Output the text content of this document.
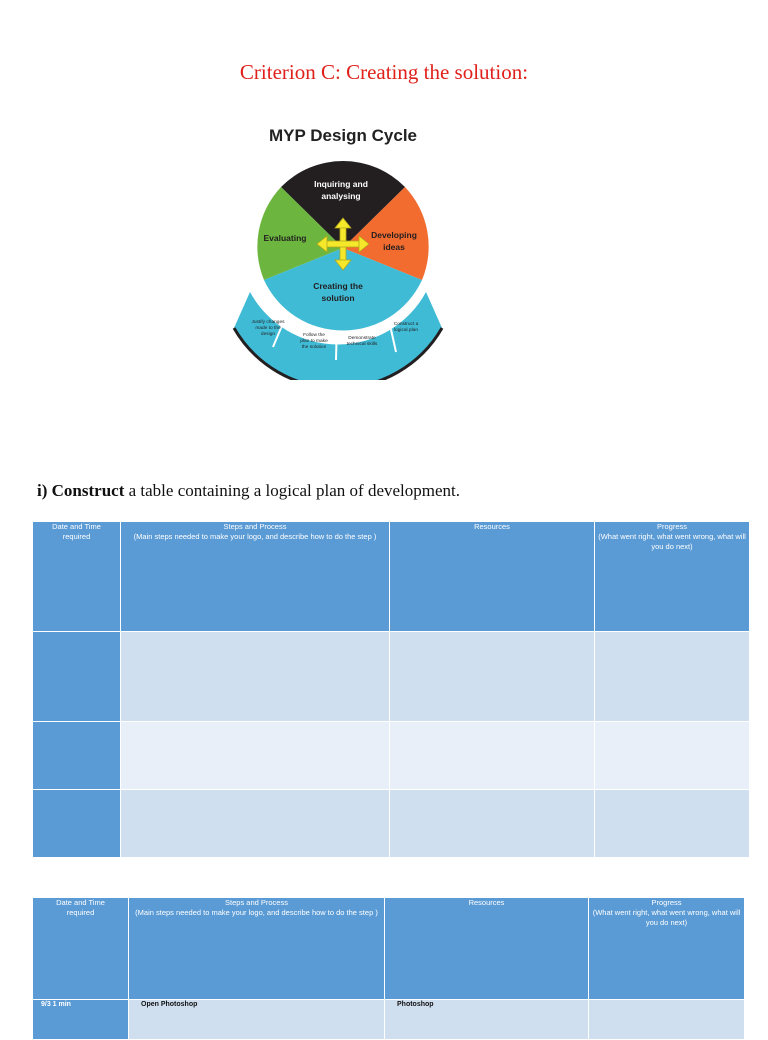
Criterion C: Creating the solution:
MYP Design Cycle
Inquiring and
analysing
Developing
ideas
Evaluating
Creating the
solution
Justify changes
made to the
design	Follow the
plan to make
the solution
Demonstrate
technical skills
Construct a
logical plan
i) Construct a table containing a logical plan of development.
Date and Time
required	Steps and Process
(Main steps needed to make your logo, and describe how to do the step )	Resources	Progress
(What went right, what went wrong, what will you do next)

Date and Time
required	Steps and Process
(Main steps needed to make your logo, and describe how to do the step )	Resources	Progress
(What went right, what went wrong, what will you do next)

9/3 1 min	Open Photoshop	Photoshop	
